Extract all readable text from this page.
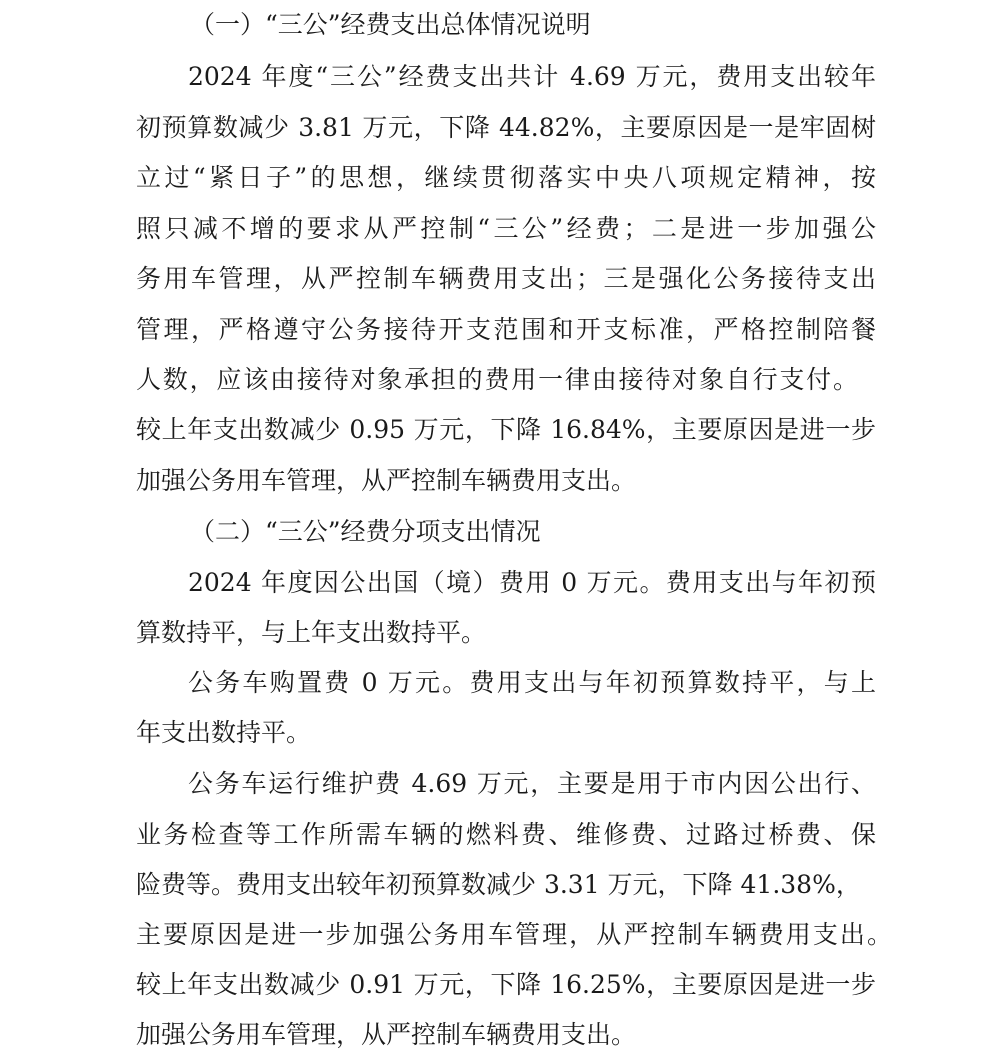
（一）“三公”经费支出总体情况说明
2024 年度“三公”经费支出共计 4.69 万元，费用支出较年
初预算数减少 3.81 万元，下降 44.82%，主要原因是一是牢固树
立过“紧日子”的思想，继续贯彻落实中央八项规定精神，按
照只减不增的要求从严控制“三公”经费；二是进一步加强公
务用车管理，从严控制车辆费用支出；三是强化公务接待支出
管理，严格遵守公务接待开支范围和开支标准，严格控制陪餐
人数，应该由接待对象承担的费用一律由接待对象自行支付。
较上年支出数减少 0.95 万元，下降 16.84%，主要原因是进一步
加强公务用车管理，从严控制车辆费用支出。
（二）“三公”经费分项支出情况
2024 年度因公出国（境）费用 0 万元。费用支出与年初预
算数持平，与上年支出数持平。
公务车购置费 0 万元。费用支出与年初预算数持平，与上
年支出数持平。
公务车运行维护费 4.69 万元，主要是用于市内因公出行、
业务检查等工作所需车辆的燃料费、维修费、过路过桥费、保
险费等。费用支出较年初预算数减少 3.31 万元，下降 41.38%，
主要原因是进一步加强公务用车管理，从严控制车辆费用支出。
较上年支出数减少 0.91 万元，下降 16.25%，主要原因是进一步
加强公务用车管理，从严控制车辆费用支出。
